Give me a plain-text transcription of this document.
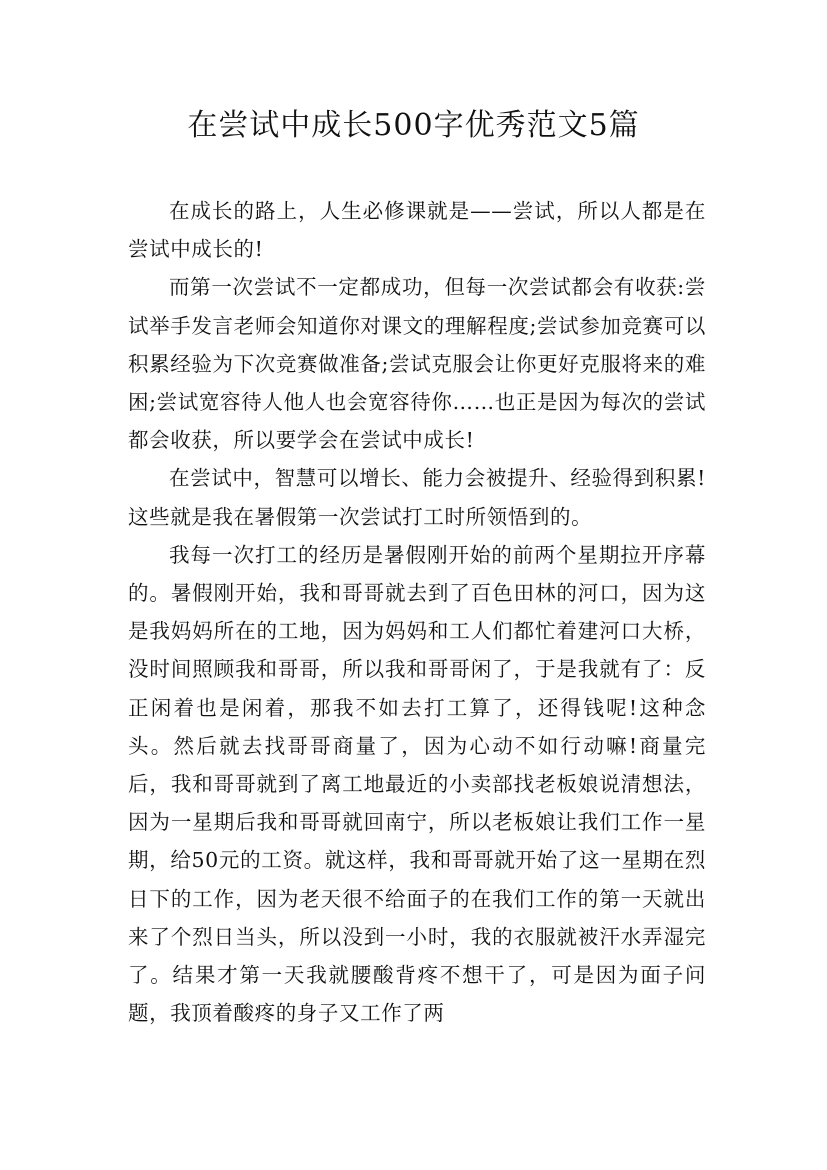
在尝试中成长500字优秀范文5篇

在成长的路上，人生必修课就是——尝试，所以人都是在尝试中成长的!

而第一次尝试不一定都成功，但每一次尝试都会有收获:尝试举手发言老师会知道你对课文的理解程度;尝试参加竞赛可以积累经验为下次竞赛做准备;尝试克服会让你更好克服将来的难困;尝试宽容待人他人也会宽容待你……也正是因为每次的尝试都会收获，所以要学会在尝试中成长!

在尝试中，智慧可以增长、能力会被提升、经验得到积累!这些就是我在暑假第一次尝试打工时所领悟到的。

我每一次打工的经历是暑假刚开始的前两个星期拉开序幕的。暑假刚开始，我和哥哥就去到了百色田林的河口，因为这是我妈妈所在的工地，因为妈妈和工人们都忙着建河口大桥，没时间照顾我和哥哥，所以我和哥哥闲了，于是我就有了：反正闲着也是闲着，那我不如去打工算了，还得钱呢!这种念头。然后就去找哥哥商量了，因为心动不如行动嘛!商量完后，我和哥哥就到了离工地最近的小卖部找老板娘说清想法，因为一星期后我和哥哥就回南宁，所以老板娘让我们工作一星期，给50元的工资。就这样，我和哥哥就开始了这一星期在烈日下的工作，因为老天很不给面子的在我们工作的第一天就出来了个烈日当头，所以没到一小时，我的衣服就被汗水弄湿完了。结果才第一天我就腰酸背疼不想干了，可是因为面子问题，我顶着酸疼的身子又工作了两
